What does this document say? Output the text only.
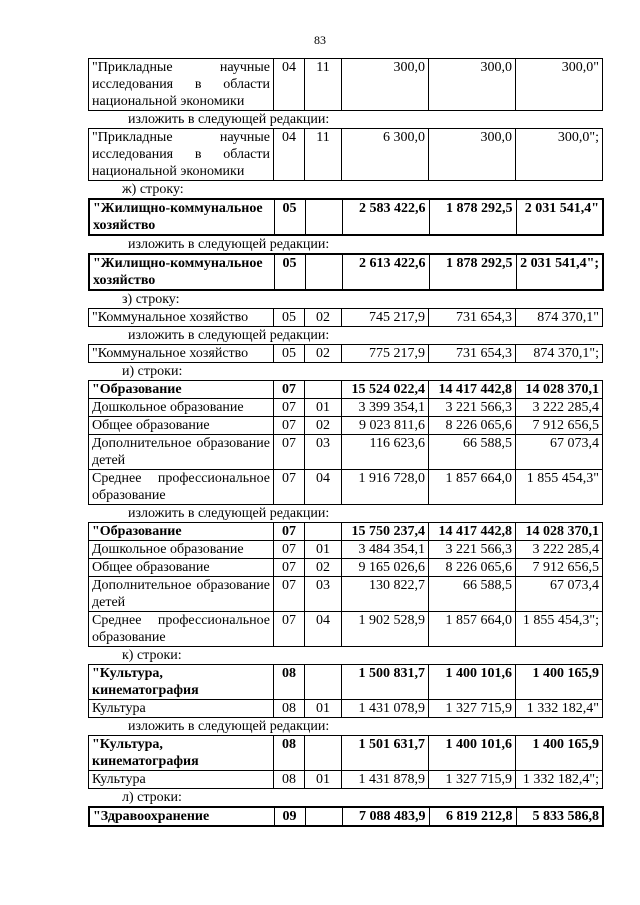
83
"Прикладные научные исследования в области национальной экономики	04	11	300,0	300,0	300,0"
изложить в следующей редакции:
"Прикладные научные исследования в области национальной экономики	04	11	6 300,0	300,0	300,0";
ж) строку:
"Жилищно-коммунальное хозяйство	05		2 583 422,6	1 878 292,5	2 031 541,4"
изложить в следующей редакции:
"Жилищно-коммунальное хозяйство	05		2 613 422,6	1 878 292,5	2 031 541,4";
з) строку:
"Коммунальное хозяйство	05	02	745 217,9	731 654,3	874 370,1"
изложить в следующей редакции:
"Коммунальное хозяйство	05	02	775 217,9	731 654,3	874 370,1";
и) строки:
"Образование	07		15 524 022,4	14 417 442,8	14 028 370,1
Дошкольное образование	07	01	3 399 354,1	3 221 566,3	3 222 285,4
Общее образование	07	02	9 023 811,6	8 226 065,6	7 912 656,5
Дополнительное образование детей	07	03	116 623,6	66 588,5	67 073,4
Среднее профессиональное образование	07	04	1 916 728,0	1 857 664,0	1 855 454,3"
изложить в следующей редакции:
"Образование	07		15 750 237,4	14 417 442,8	14 028 370,1
Дошкольное образование	07	01	3 484 354,1	3 221 566,3	3 222 285,4
Общее образование	07	02	9 165 026,6	8 226 065,6	7 912 656,5
Дополнительное образование детей	07	03	130 822,7	66 588,5	67 073,4
Среднее профессиональное образование	07	04	1 902 528,9	1 857 664,0	1 855 454,3";
к) строки:
"Культура, кинематография	08		1 500 831,7	1 400 101,6	1 400 165,9
Культура	08	01	1 431 078,9	1 327 715,9	1 332 182,4"
изложить в следующей редакции:
"Культура, кинематография	08		1 501 631,7	1 400 101,6	1 400 165,9
Культура	08	01	1 431 878,9	1 327 715,9	1 332 182,4";
л) строки:
"Здравоохранение	09		7 088 483,9	6 819 212,8	5 833 586,8
